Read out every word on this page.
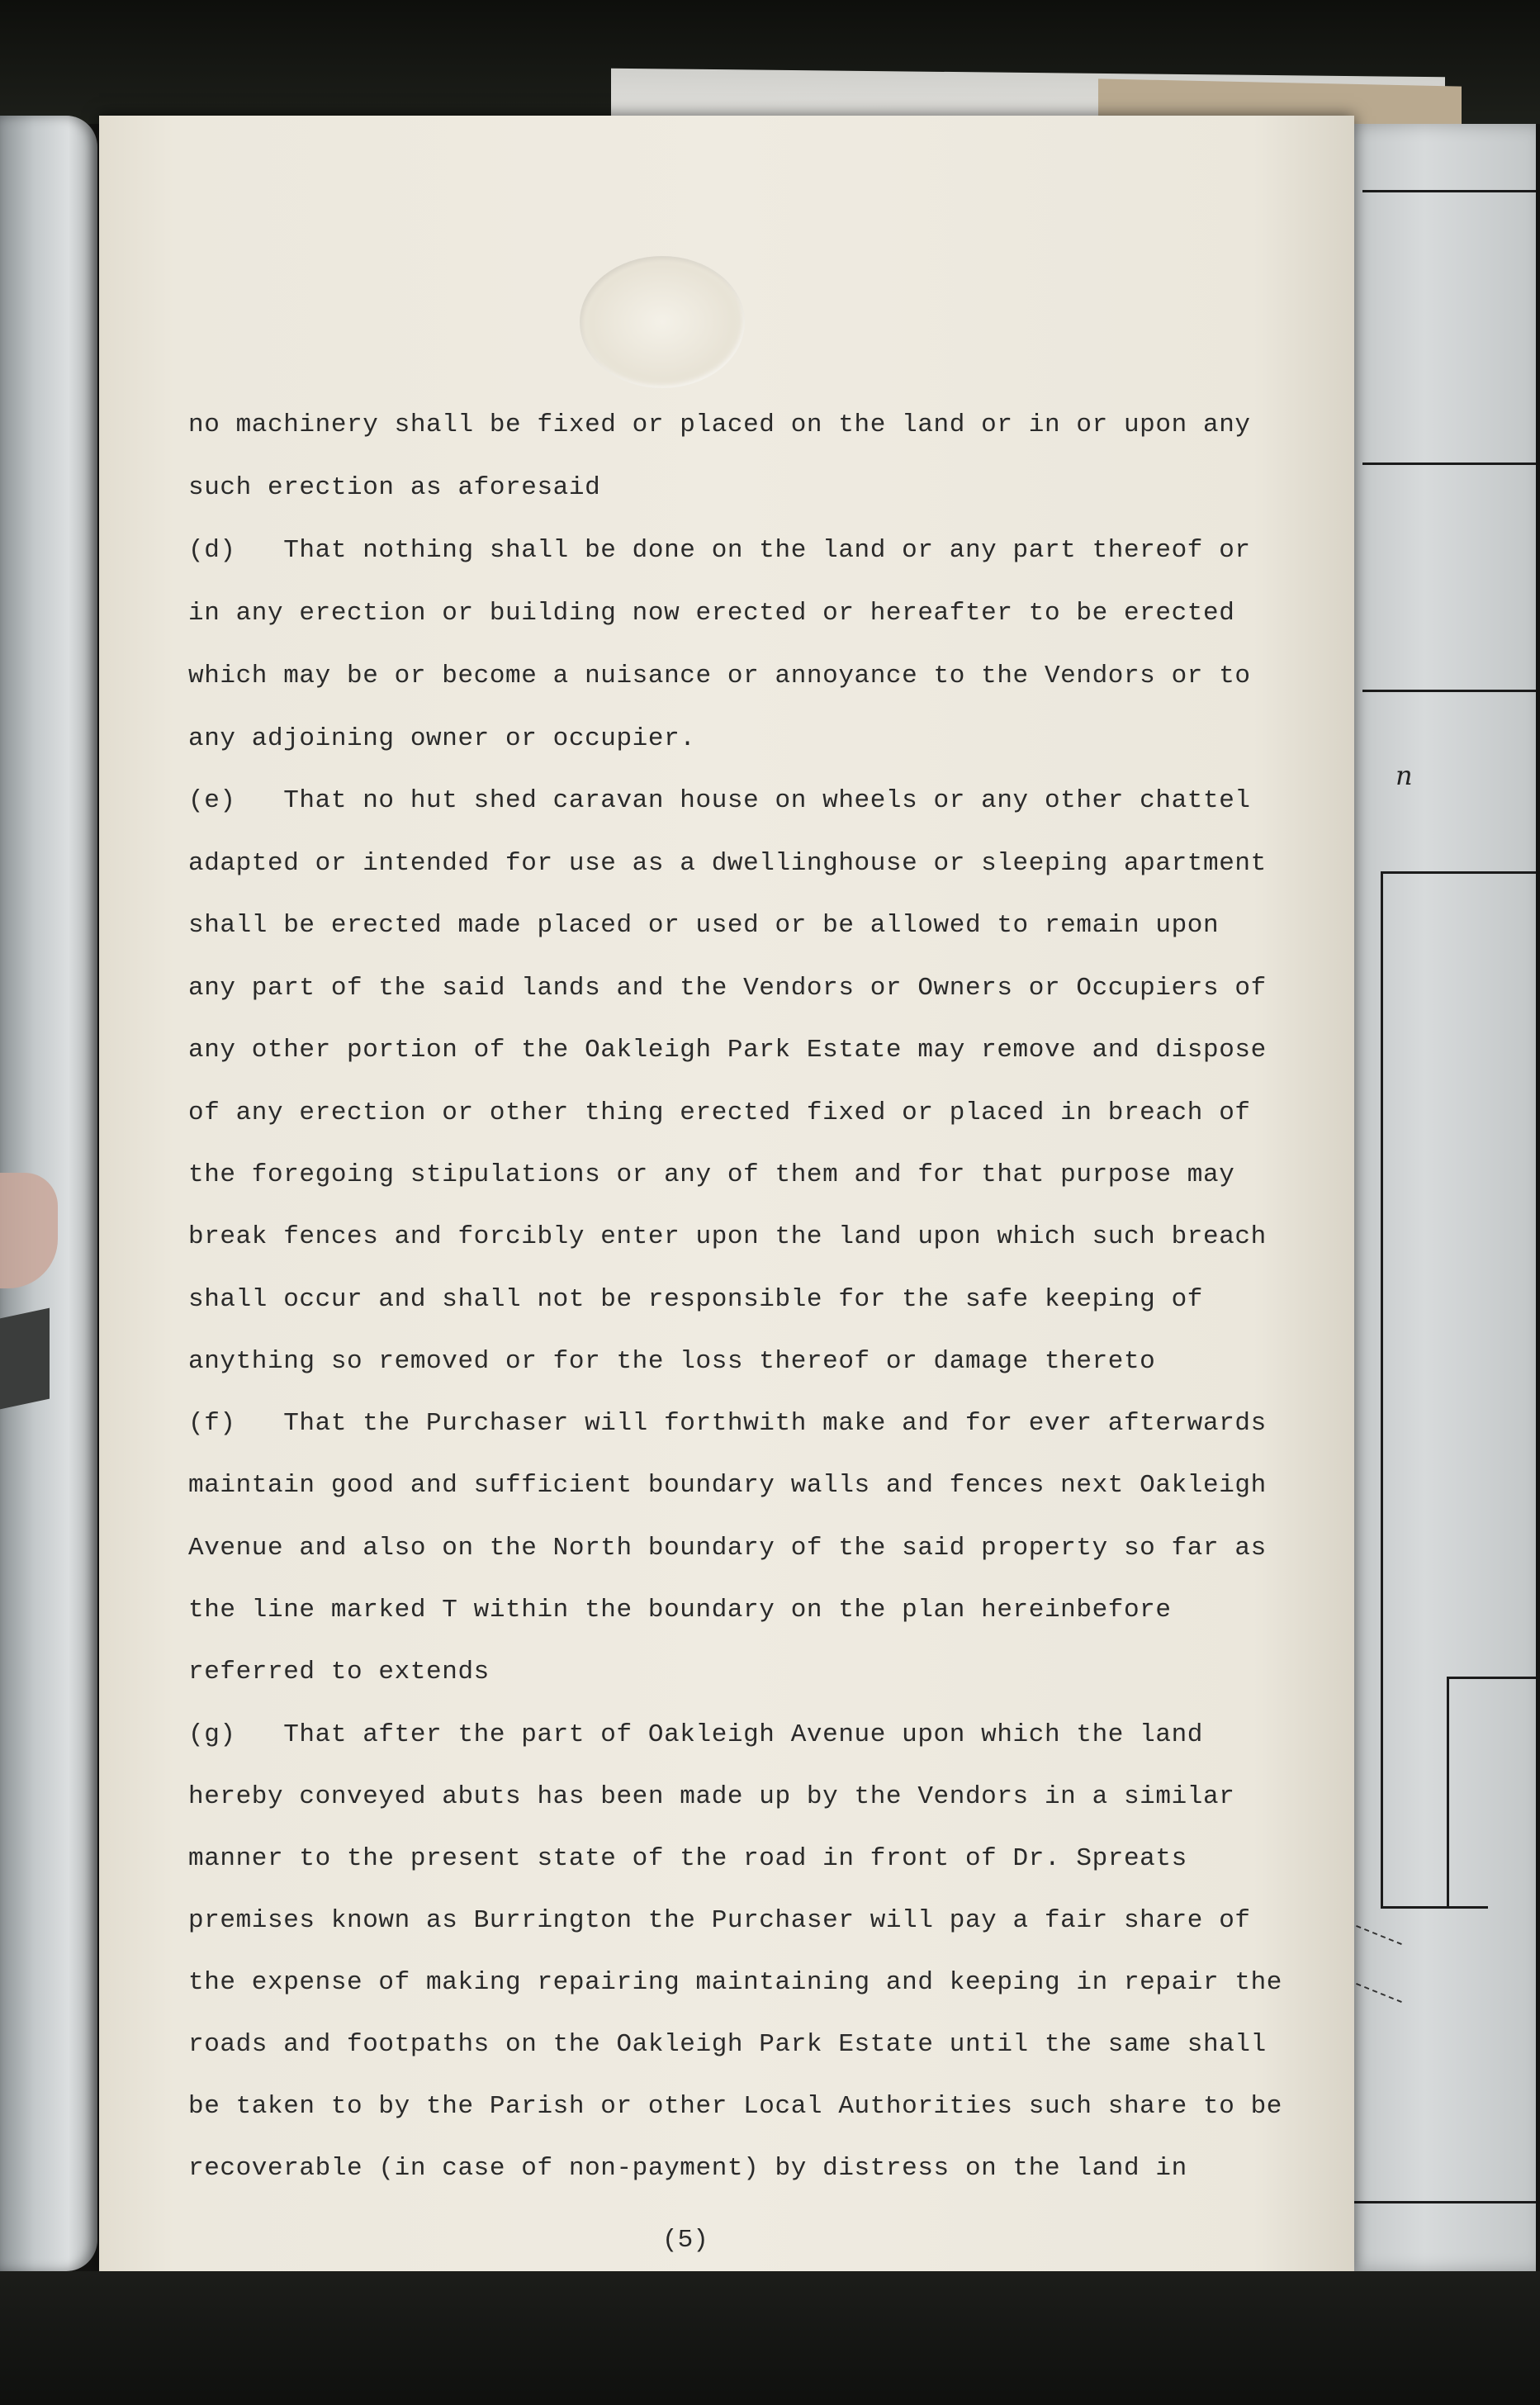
n
no machinery shall be fixed or placed on the land or in or upon any
such erection as aforesaid
(d)   That nothing shall be done on the land or any part thereof or
in any erection or building now erected or hereafter to be erected
which may be or become a nuisance or annoyance to the Vendors or to
any adjoining owner or occupier.
(e)   That no hut shed caravan house on wheels or any other chattel
adapted or intended for use as a dwellinghouse or sleeping apartment
shall be erected made placed or used or be allowed to remain upon
any part of the said lands and the Vendors or Owners or Occupiers of
any other portion of the Oakleigh Park Estate may remove and dispose
of any erection or other thing erected fixed or placed in breach of
the foregoing stipulations or any of them and for that purpose may
break fences and forcibly enter upon the land upon which such breach
shall occur and shall not be responsible for the safe keeping of
anything so removed or for the loss thereof or damage thereto
(f)   That the Purchaser will forthwith make and for ever afterwards
maintain good and sufficient boundary walls and fences next Oakleigh
Avenue and also on the North boundary of the said property so far as
the line marked T within the boundary on the plan hereinbefore
referred to extends
(g)   That after the part of Oakleigh Avenue upon which the land
hereby conveyed abuts has been made up by the Vendors in a similar
manner to the present state of the road in front of Dr. Spreats
premises known as Burrington the Purchaser will pay a fair share of
the expense of making repairing maintaining and keeping in repair the
roads and footpaths on the Oakleigh Park Estate until the same shall
be taken to by the Parish or other Local Authorities such share to be
recoverable (in case of non-payment) by distress on the land in
(5)
